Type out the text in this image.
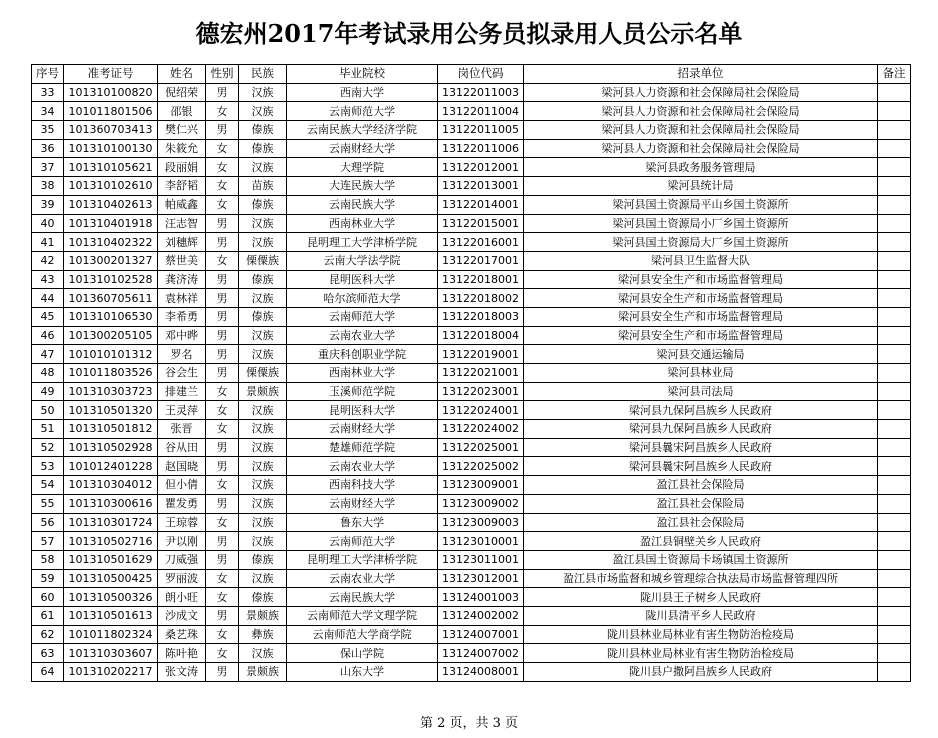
德宏州2017年考试录用公务员拟录用人员公示名单
序号	准考证号	姓名	性别	民族	毕业院校	岗位代码	招录单位	备注
33	101310100820	倪绍荣	男	汉族	西南大学	13122011003	梁河县人力资源和社会保障局社会保险局	
34	101011801506	邵银	女	汉族	云南师范大学	13122011004	梁河县人力资源和社会保障局社会保险局	
35	101360703413	樊仁兴	男	傣族	云南民族大学经济学院	13122011005	梁河县人力资源和社会保障局社会保险局	
36	101310100130	朱筱允	女	傣族	云南财经大学	13122011006	梁河县人力资源和社会保障局社会保险局	
37	101310105621	段丽娟	女	汉族	大理学院	13122012001	梁河县政务服务管理局	
38	101310102610	李舒韬	女	苗族	大连民族大学	13122013001	梁河县统计局	
39	101310402613	帕威鑫	女	傣族	云南民族大学	13122014001	梁河县国土资源局平山乡国土资源所	
40	101310401918	汪志智	男	汉族	西南林业大学	13122015001	梁河县国土资源局小厂乡国土资源所	
41	101310402322	刘穗辉	男	汉族	昆明理工大学津桥学院	13122016001	梁河县国土资源局大厂乡国土资源所	
42	101300201327	蔡世美	女	傈僳族	云南大学法学院	13122017001	梁河县卫生监督大队	
43	101310102528	龚济涛	男	傣族	昆明医科大学	13122018001	梁河县安全生产和市场监督管理局	
44	101360705611	袁林祥	男	汉族	哈尔滨师范大学	13122018002	梁河县安全生产和市场监督管理局	
45	101310106530	李希勇	男	傣族	云南师范大学	13122018003	梁河县安全生产和市场监督管理局	
46	101300205105	邓中晔	男	汉族	云南农业大学	13122018004	梁河县安全生产和市场监督管理局	
47	101010101312	罗名	男	汉族	重庆科创职业学院	13122019001	梁河县交通运输局	
48	101011803526	谷会生	男	傈僳族	西南林业大学	13122021001	梁河县林业局	
49	101310303723	排建兰	女	景颇族	玉溪师范学院	13122023001	梁河县司法局	
50	101310501320	王灵萍	女	汉族	昆明医科大学	13122024001	梁河县九保阿昌族乡人民政府	
51	101310501812	张晋	女	汉族	云南财经大学	13122024002	梁河县九保阿昌族乡人民政府	
52	101310502928	谷从田	男	汉族	楚雄师范学院	13122025001	梁河县曩宋阿昌族乡人民政府	
53	101012401228	赵国晓	男	汉族	云南农业大学	13122025002	梁河县曩宋阿昌族乡人民政府	
54	101310304012	但小倩	女	汉族	西南科技大学	13123009001	盈江县社会保险局	
55	101310300616	瞿发勇	男	汉族	云南财经大学	13123009002	盈江县社会保险局	
56	101310301724	王琼蓉	女	汉族	鲁东大学	13123009003	盈江县社会保险局	
57	101310502716	尹以刚	男	汉族	云南师范大学	13123010001	盈江县铜壁关乡人民政府	
58	101310501629	刀威强	男	傣族	昆明理工大学津桥学院	13123011001	盈江县国土资源局卡场镇国土资源所	
59	101310500425	罗丽波	女	汉族	云南农业大学	13123012001	盈江县市场监督和城乡管理综合执法局市场监督管理四所	
60	101310500326	朗小旺	女	傣族	云南民族大学	13124001003	陇川县王子树乡人民政府	
61	101310501613	沙成文	男	景颇族	云南师范大学文理学院	13124002002	陇川县清平乡人民政府	
62	101011802324	桑艺珠	女	彝族	云南师范大学商学院	13124007001	陇川县林业局林业有害生物防治检疫局	
63	101310303607	陈叶艳	女	汉族	保山学院	13124007002	陇川县林业局林业有害生物防治检疫局	
64	101310202217	张文涛	男	景颇族	山东大学	13124008001	陇川县户撒阿昌族乡人民政府	
第 2 页，共 3 页
